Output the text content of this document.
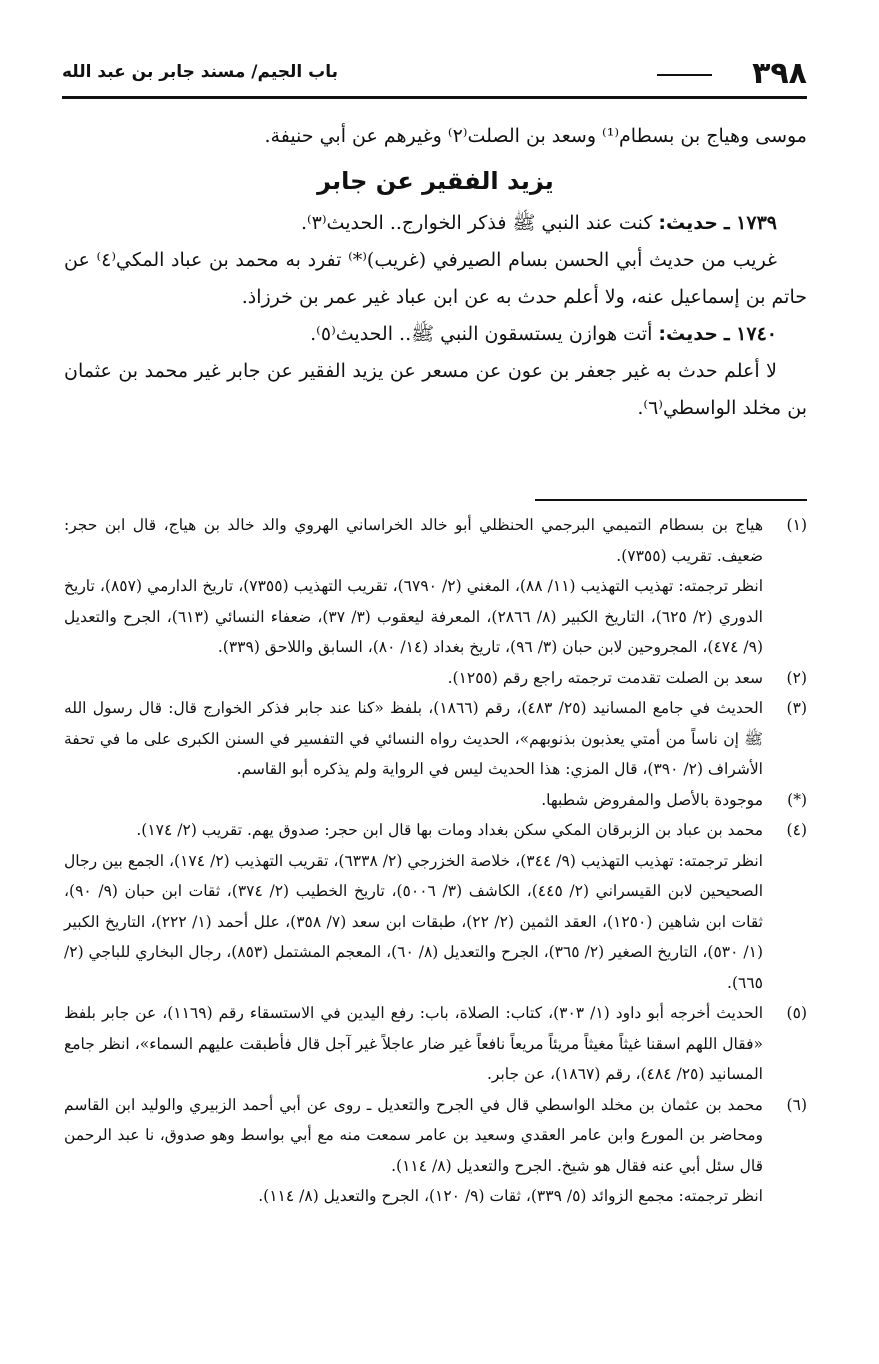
٣٩٨
باب الجيم/ مسند جابر بن عبد الله

موسى وهياج بن بسطام⁽¹⁾ وسعد بن الصلت⁽٢⁾ وغيرهم عن أبي حنيفة.

يزيد الفقير عن جابر

١٧٣٩ ـ حديث: كنت عند النبي ﷺ فذكر الخوارج.. الحديث⁽٣⁾.

غريب من حديث أبي الحسن بسام الصيرفي (غريب)⁽*⁾ تفرد به محمد بن عباد المكي⁽٤⁾ عن حاتم بن إسماعيل عنه، ولا أعلم حدث به عن ابن عباد غير عمر بن خرزاذ.

١٧٤٠ ـ حديث: أتت هوازن يستسقون النبي ﷺ.. الحديث⁽٥⁾.

لا أعلم حدث به غير جعفر بن عون عن مسعر عن يزيد الفقير عن جابر غير محمد بن عثمان بن مخلد الواسطي⁽٦⁾.

(١)

هياج بن بسطام التميمي البرجمي الحنظلي أبو خالد الخراساني الهروي والد خالد بن هياج، قال ابن حجر: ضعيف. تقريب (٧٣٥٥).

انظر ترجمته: تهذيب التهذيب (١١/ ٨٨)، المغني (٢/ ٦٧٩٠)، تقريب التهذيب (٧٣٥٥)، تاريخ الدارمي (٨٥٧)، تاريخ الدوري (٢/ ٦٢٥)، التاريخ الكبير (٨/ ٢٨٦٦)، المعرفة ليعقوب (٣/ ٣٧)، ضعفاء النسائي (٦١٣)، الجرح والتعديل (٩/ ٤٧٤)، المجروحين لابن حبان (٣/ ٩٦)، تاريخ بغداد (١٤/ ٨٠)، السابق واللاحق (٣٣٩).

(٢)

سعد بن الصلت تقدمت ترجمته راجع رقم (١٢٥٥).

(٣)

الحديث في جامع المسانيد (٢٥/ ٤٨٣)، رقم (١٨٦٦)، بلفظ «كنا عند جابر فذكر الخوارج قال: قال رسول الله ﷺ إن ناساً من أمتي يعذبون بذنوبهم»، الحديث رواه النسائي في التفسير في السنن الكبرى على ما في تحفة الأشراف (٢/ ٣٩٠)، قال المزي: هذا الحديث ليس في الرواية ولم يذكره أبو القاسم.

(*)

موجودة بالأصل والمفروض شطبها.

(٤)

محمد بن عباد بن الزبرقان المكي سكن بغداد ومات بها قال ابن حجر: صدوق يهم. تقريب (٢/ ١٧٤).

انظر ترجمته: تهذيب التهذيب (٩/ ٣٤٤)، خلاصة الخزرجي (٢/ ٦٣٣٨)، تقريب التهذيب (٢/ ١٧٤)، الجمع بين رجال الصحيحين لابن القيسراني (٢/ ٤٤٥)، الكاشف (٣/ ٥٠٠٦)، تاريخ الخطيب (٢/ ٣٧٤)، ثقات ابن حبان (٩/ ٩٠)، ثقات ابن شاهين (١٢٥٠)، العقد الثمين (٢/ ٢٢)، طبقات ابن سعد (٧/ ٣٥٨)، علل أحمد (١/ ٢٢٢)، التاريخ الكبير (١/ ٥٣٠)، التاريخ الصغير (٢/ ٣٦٥)، الجرح والتعديل (٨/ ٦٠)، المعجم المشتمل (٨٥٣)، رجال البخاري للباجي (٢/ ٦٦٥).

(٥)

الحديث أخرجه أبو داود (١/ ٣٠٣)، كتاب: الصلاة، باب: رفع اليدين في الاستسقاء رقم (١١٦٩)، عن جابر بلفظ «فقال اللهم اسقنا غيثاً مغيثاً مريئاً مريعاً نافعاً غير ضار عاجلاً غير آجل قال فأطبقت عليهم السماء»، انظر جامع المسانيد (٢٥/ ٤٨٤)، رقم (١٨٦٧)، عن جابر.

(٦)

محمد بن عثمان بن مخلد الواسطي قال في الجرح والتعديل ـ روى عن أبي أحمد الزبيري والوليد ابن القاسم ومحاضر بن المورع وابن عامر العقدي وسعيد بن عامر سمعت منه مع أبي بواسط وهو صدوق، نا عبد الرحمن قال سئل أبي عنه فقال هو شيخ. الجرح والتعديل (٨/ ١١٤).

انظر ترجمته: مجمع الزوائد (٥/ ٣٣٩)، ثقات (٩/ ١٢٠)، الجرح والتعديل (٨/ ١١٤).
